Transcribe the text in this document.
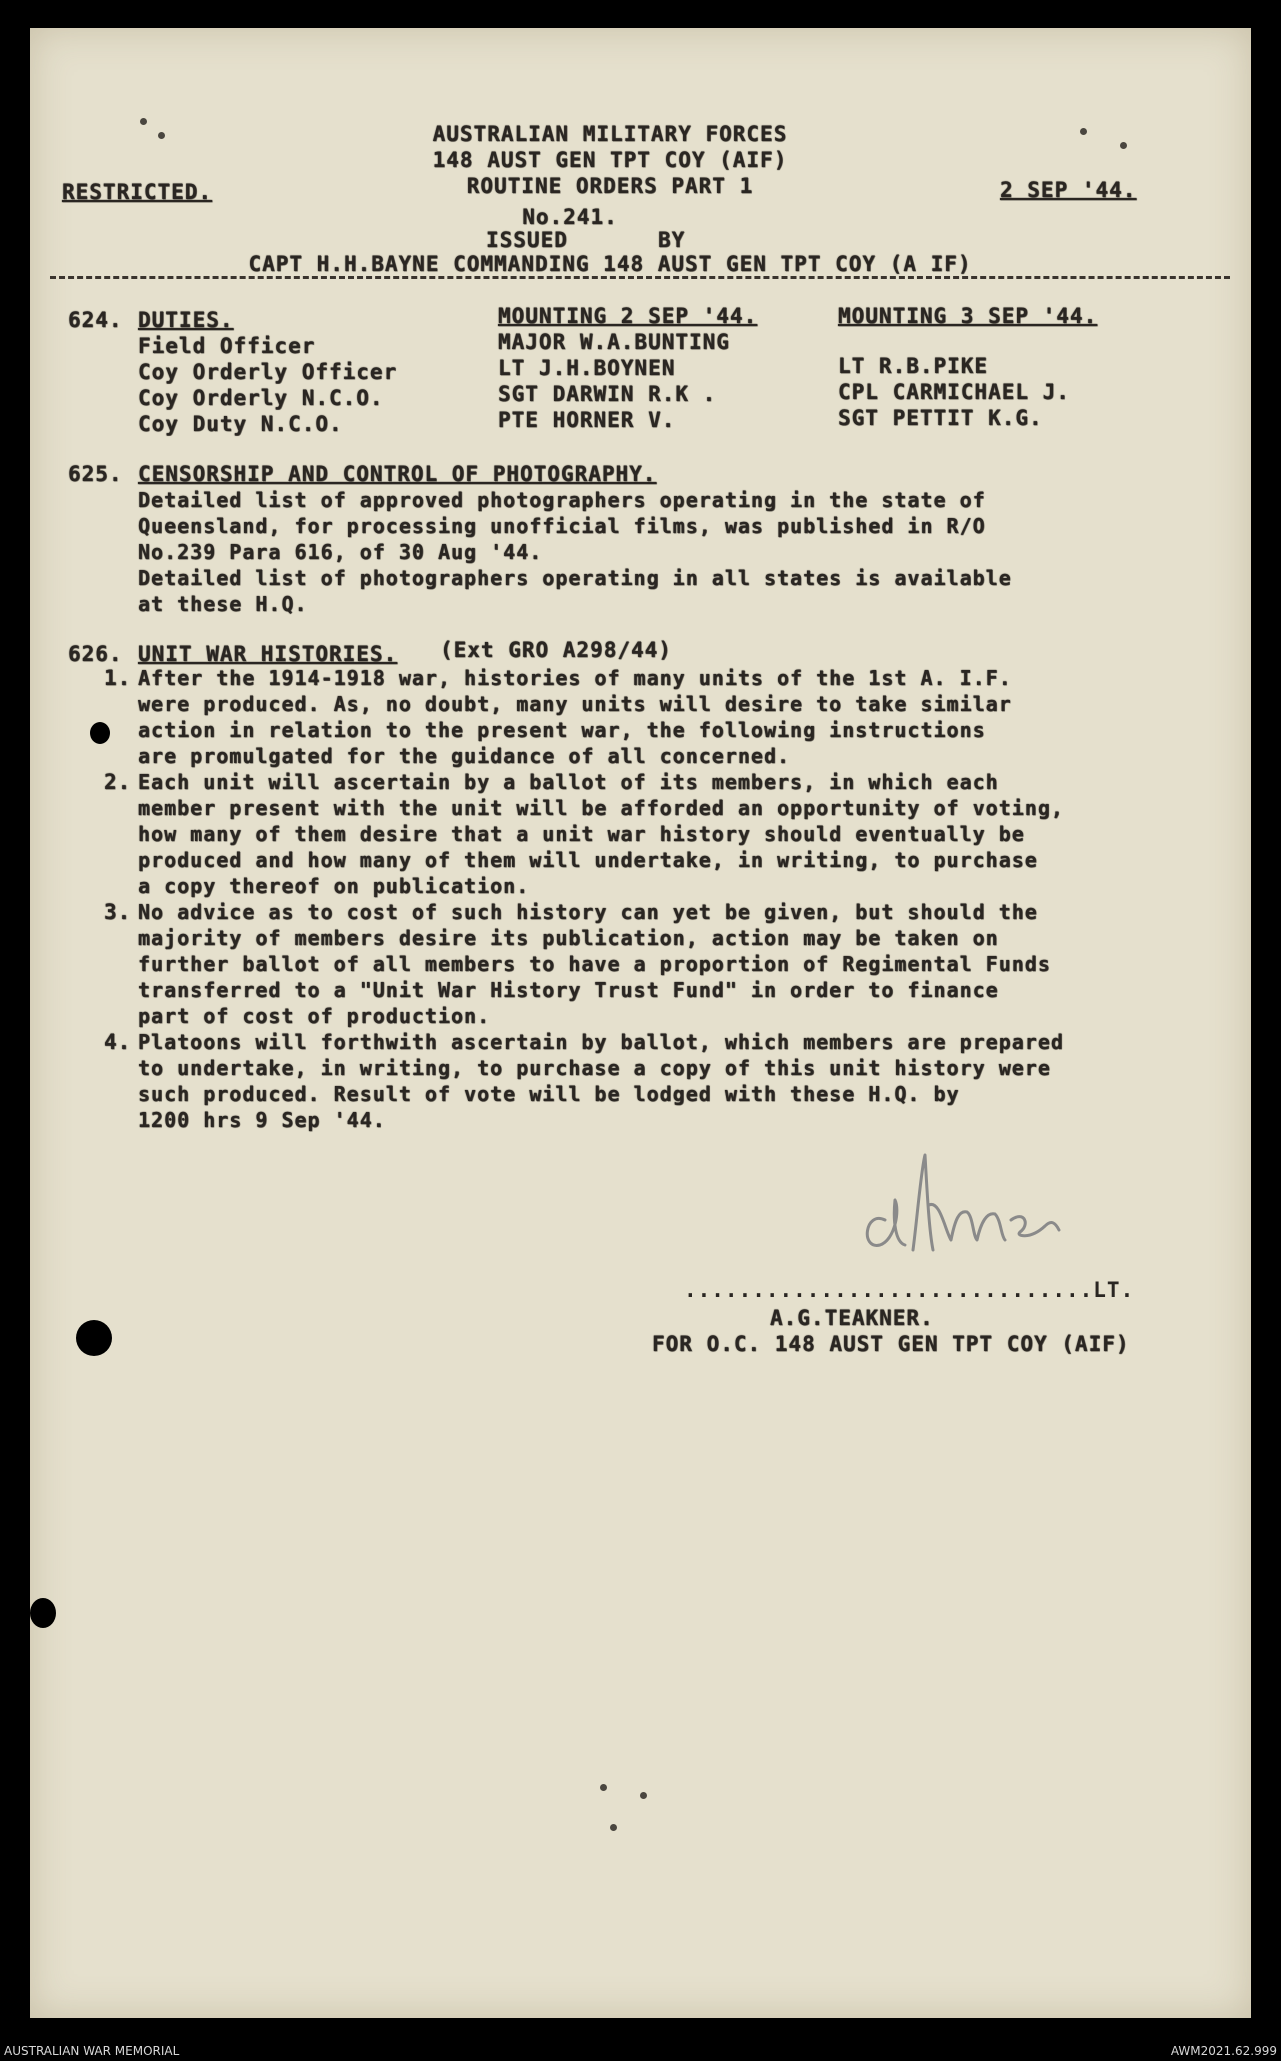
AUSTRALIAN MILITARY FORCES
148 AUST GEN TPT COY (AIF)
ROUTINE ORDERS PART 1
No.241.
ISSUED	BY
CAPT H.H.BAYNE COMMANDING 148 AUST GEN TPT COY (A IF)
RESTRICTED.	2 SEP '44.
624. DUTIES.	MOUNTING 2 SEP '44.	MOUNTING 3 SEP '44.
Field Officer	MAJOR W.A.BUNTING
Coy Orderly Officer	LT J.H.BOYNEN	LT R.B.PIKE
Coy Orderly N.C.O.	SGT DARWIN R.K .	CPL CARMICHAEL J.
Coy Duty N.C.O.	PTE HORNER V.	SGT PETTIT K.G.
625. CENSORSHIP AND CONTROL OF PHOTOGRAPHY.
Detailed list of approved photographers operating in the state of
Queensland, for processing unofficial films, was published in R/O
No.239 Para 616, of 30 Aug '44.
Detailed list of photographers operating in all states is available
at these H.Q.
626. UNIT WAR HISTORIES. (Ext GRO A298/44)
1. After the 1914-1918 war, histories of many units of the 1st A. I.F.
were produced. As, no doubt, many units will desire to take similar
action in relation to the present war, the following instructions
are promulgated for the guidance of all concerned.
2. Each unit will ascertain by a ballot of its members, in which each
member present with the unit will be afforded an opportunity of voting,
how many of them desire that a unit war history should eventually be
produced and how many of them will undertake, in writing, to purchase
a copy thereof on publication.
3. No advice as to cost of such history can yet be given, but should the
majority of members desire its publication, action may be taken on
further ballot of all members to have a proportion of Regimental Funds
transferred to a "Unit War History Trust Fund" in order to finance
part of cost of production.
4. Platoons will forthwith ascertain by ballot, which members are prepared
to undertake, in writing, to purchase a copy of this unit history were
such produced. Result of vote will be lodged with these H.Q. by
1200 hrs 9 Sep '44.
..............................LT.
A.G.TEAKNER.
FOR O.C. 148 AUST GEN TPT COY (AIF)
AUSTRALIAN WAR MEMORIAL	AWM2021.62.999
